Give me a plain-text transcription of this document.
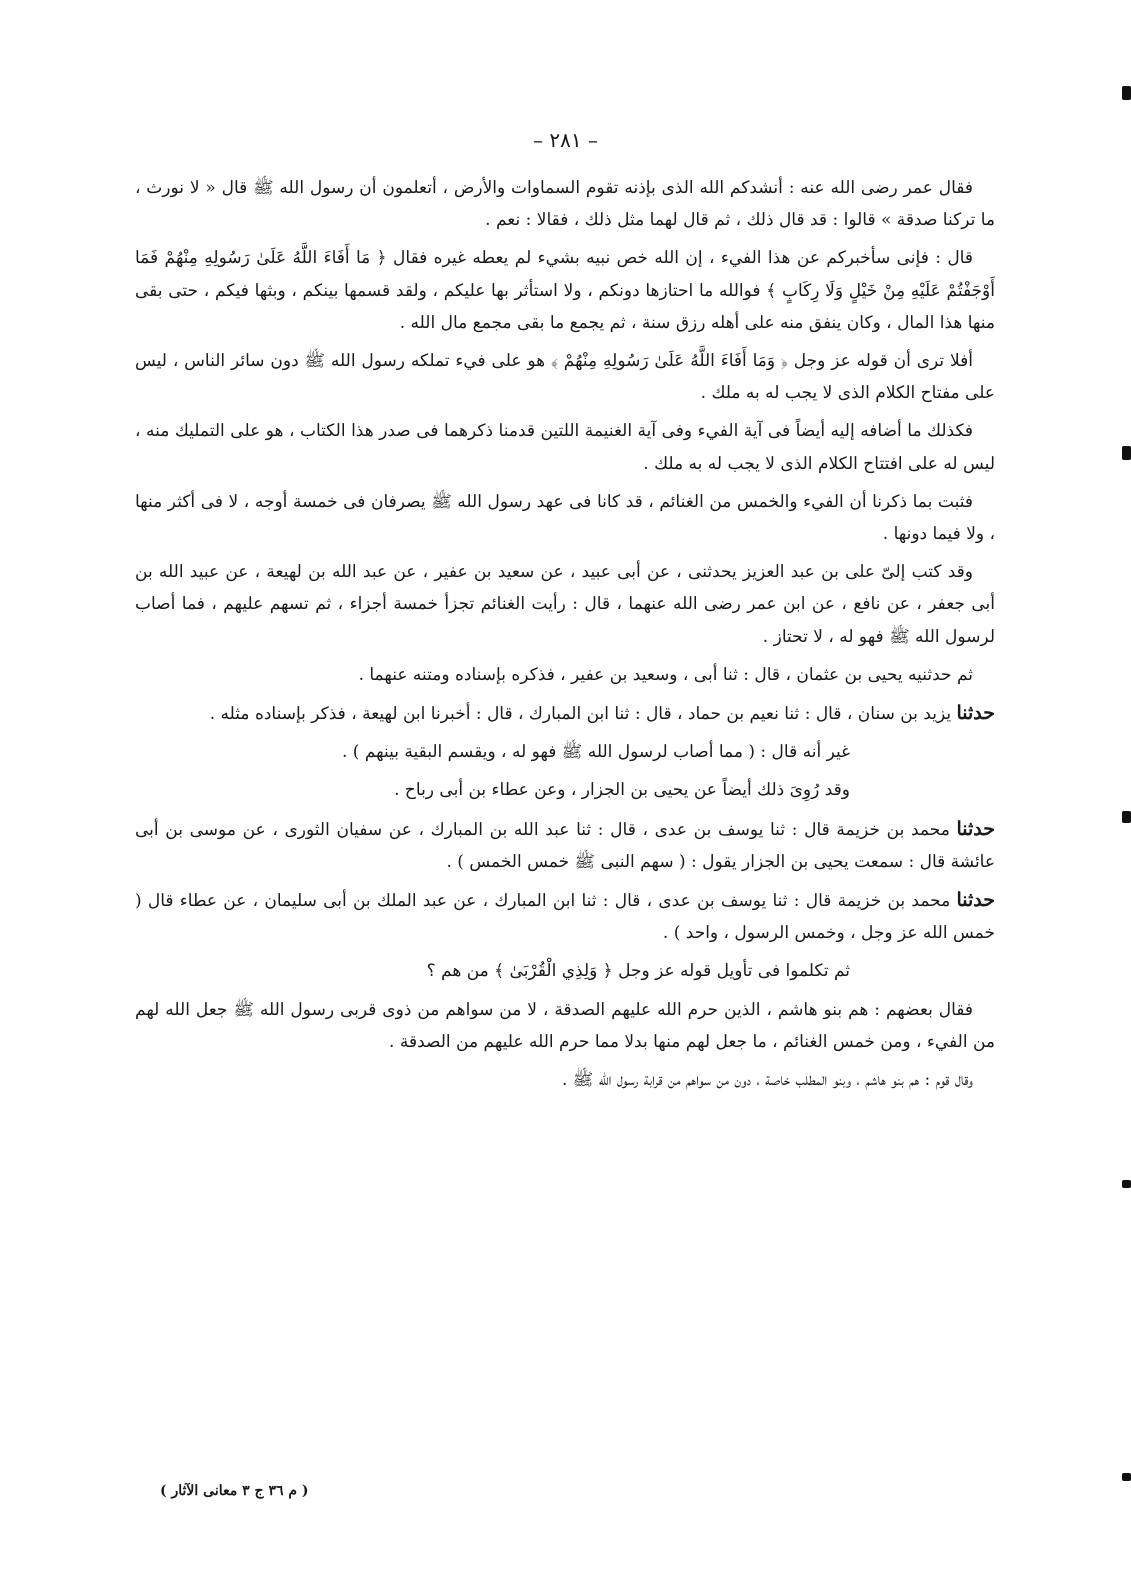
– ٢٨١ –

فقال عمر رضى الله عنه : أنشدكم الله الذى بإذنه تقوم السماوات والأرض ، أتعلمون أن رسول الله ﷺ قال « لا نورث ، ما تركنا صدقة » قالوا : قد قال ذلك ، ثم قال لهما مثل ذلك ، فقالا : نعم .

قال : فإنى سأخبركم عن هذا الفيء ، إن الله خص نبيه بشيء لم يعطه غيره فقال ﴿ مَا أَفَاءَ اللَّهُ عَلَىٰ رَسُولِهِ مِنْهُمْ فَمَا أَوْجَفْتُمْ عَلَيْهِ مِنْ خَيْلٍ وَلَا رِكَابٍ ﴾ فوالله ما احتازها دونكم ، ولا استأثر بها عليكم ، ولقد قسمها بينكم ، وبثها فيكم ، حتى بقى منها هذا المال ، وكان ينفق منه على أهله رزق سنة ، ثم يجمع ما بقى مجمع مال الله .

أفلا ترى أن قوله عز وجل ﴿ وَمَا أَفَاءَ اللَّهُ عَلَىٰ رَسُولِهِ مِنْهُمْ ﴾ هو على فيء تملكه رسول الله ﷺ دون سائر الناس ، ليس على مفتاح الكلام الذى لا يجب له به ملك .

فكذلك ما أضافه إليه أيضاً فى آية الفيء وفى آية الغنيمة اللتين قدمنا ذكرهما فى صدر هذا الكتاب ، هو على التمليك منه ، ليس له على افتتاح الكلام الذى لا يجب له به ملك .

فثبت بما ذكرنا أن الفيء والخمس من الغنائم ، قد كانا فى عهد رسول الله ﷺ يصرفان فى خمسة أوجه ، لا فى أكثر منها ، ولا فيما دونها .

وقد كتب إلىّ على بن عبد العزيز يحدثنى ، عن أبى عبيد ، عن سعيد بن عفير ، عن عبد الله بن لهيعة ، عن عبيد الله بن أبى جعفر ، عن نافع ، عن ابن عمر رضى الله عنهما ، قال : رأيت الغنائم تجزأ خمسة أجزاء ، ثم تسهم عليهم ، فما أصاب لرسول الله ﷺ فهو له ، لا تحتاز .

ثم حدثنيه يحيى بن عثمان ، قال : ثنا أبى ، وسعيد بن عفير ، فذكره بإسناده ومتنه عنهما .

حدثنا يزيد بن سنان ، قال : ثنا نعيم بن حماد ، قال : ثنا ابن المبارك ، قال : أخبرنا ابن لهيعة ، فذكر بإسناده مثله .

غير أنه قال : ( مما أصاب لرسول الله ﷺ فهو له ، ويقسم البقية بينهم ) .

وقد رُوِىَ ذلك أيضاً عن يحيى بن الجزار ، وعن عطاء بن أبى رباح .

حدثنا محمد بن خزيمة قال : ثنا يوسف بن عدى ، قال : ثنا عبد الله بن المبارك ، عن سفيان الثورى ، عن موسى بن أبى عائشة قال : سمعت يحيى بن الجزار يقول : ( سهم النبى ﷺ خمس الخمس ) .

حدثنا محمد بن خزيمة قال : ثنا يوسف بن عدى ، قال : ثنا ابن المبارك ، عن عبد الملك بن أبى سليمان ، عن عطاء قال ( خمس الله عز وجل ، وخمس الرسول ، واحد ) .

ثم تكلموا فى تأويل قوله عز وجل ﴿ وَلِذِي الْقُرْبَىٰ ﴾ من هم ؟

فقال بعضهم : هم بنو هاشم ، الذين حرم الله عليهم الصدقة ، لا من سواهم من ذوى قربى رسول الله ﷺ جعل الله لهم من الفيء ، ومن خمس الغنائم ، ما جعل لهم منها بدلا مما حرم الله عليهم من الصدقة .

وقال قوم : هم بنو هاشم ، وبنو المطلب خاصة ، دون من سواهم من قرابة رسول الله ﷺ .

( م ٣٦ ج ٣ معانى الآثار )
